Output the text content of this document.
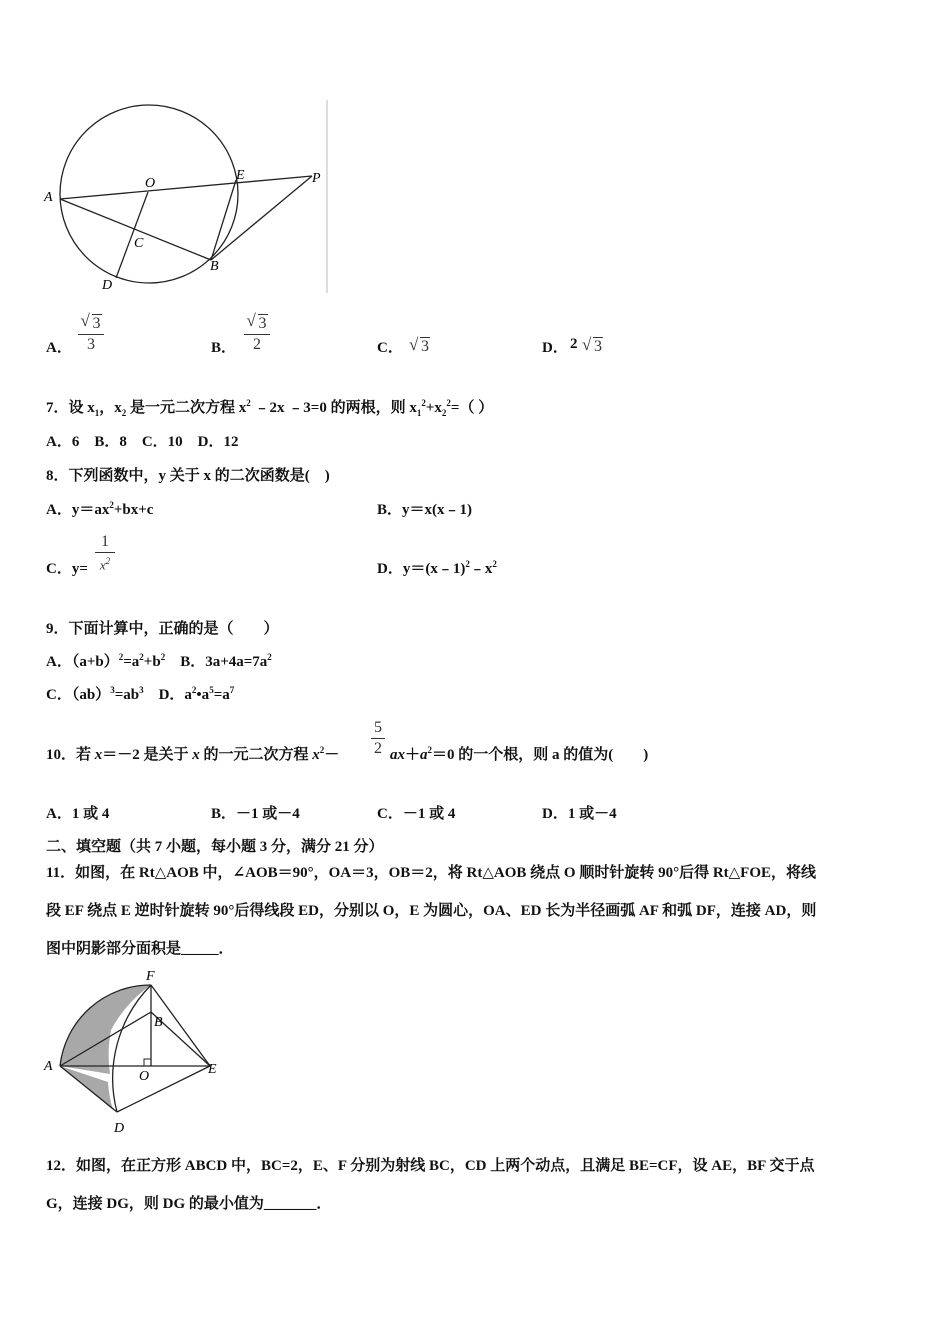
A
O
E	P
C
B
D
A．
√ 3
3	B．
√ 3
2	C．	√ 3	D． 2	√ 3
7．设 $x_1$，$x_2$ 是一元二次方程 $x^2$ ﹣2x ﹣3=0 的两根，则 $x_1^2+x_2^2=$（ ）
A．6　B．8　C．10　D．12
8．下列函数中，y 关于 x 的二次函数是(　)
A．$y=ax^2+bx+c$	B．y＝x(x﹣1)
C．y=
1
$x^2$	D．$y=(x﹣1)^2﹣x^2$
9．下面计算中，正确的是（　　）
A．$(a+b)^2=a^2+b^2$　B．$3a+4a=7a^2$
C．$(ab)^3=ab^3$　D．$a^2•a^5=a^7$
10．若 x＝－2 是关于 x 的一元二次方程 $x^2-$
5
2 $ax+a^2=0$ 的一个根，则 a 的值为(　　)
A．1 或 4	B．－1 或－4	C．－1 或 4	D．1 或－4
二、填空题（共 7 小题，每小题 3 分，满分 21 分）
11．如图，在 Rt△AOB 中，∠AOB＝90°，OA＝3，OB＝2，将 Rt△AOB 绕点 O 顺时针旋转 90°后得 Rt△FOE，将线
段 EF 绕点 E 逆时针旋转 90°后得线段 ED，分别以 O，E 为圆心，OA、ED 长为半径画弧 AF 和弧 DF，连接 AD，则
图中阴影部分面积是_____．
F
B
A
O	E
D
12．如图，在正方形 ABCD 中，BC=2，E、F 分别为射线 BC，CD 上两个动点，且满足 BE=CF，设 AE，BF 交于点
G，连接 DG，则 DG 的最小值为_______．
